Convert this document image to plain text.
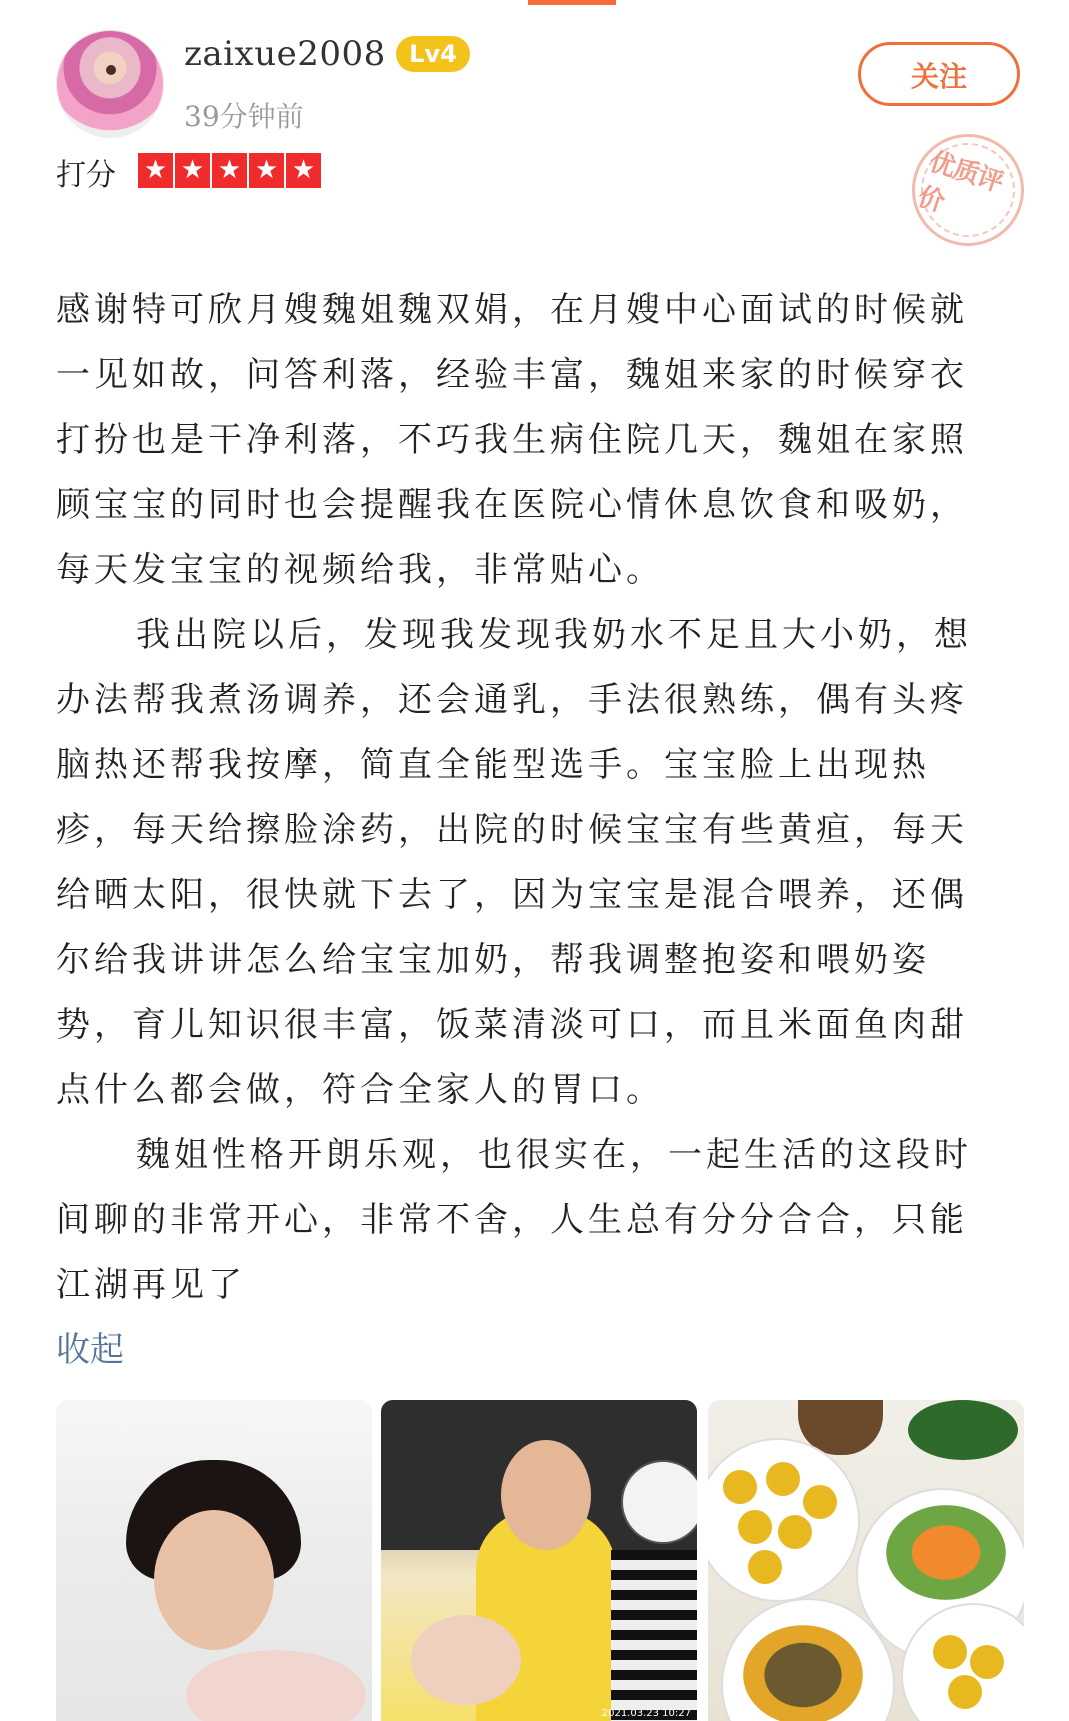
zaixue2008 Lv4
39分钟前
关注
打分 ★ ★ ★ ★ ★	优质评价

感谢特可欣月嫂魏姐魏双娟，在月嫂中心面试的时候就一见如故，问答利落，经验丰富，魏姐来家的时候穿衣打扮也是干净利落，不巧我生病住院几天，魏姐在家照顾宝宝的同时也会提醒我在医院心情休息饮食和吸奶，每天发宝宝的视频给我，非常贴心。

我出院以后，发现我发现我奶水不足且大小奶，想办法帮我煮汤调养，还会通乳，手法很熟练，偶有头疼脑热还帮我按摩，简直全能型选手。宝宝脸上出现热疹，每天给擦脸涂药，出院的时候宝宝有些黄疸，每天给晒太阳，很快就下去了，因为宝宝是混合喂养，还偶尔给我讲讲怎么给宝宝加奶，帮我调整抱姿和喂奶姿势，育儿知识很丰富，饭菜清淡可口，而且米面鱼肉甜点什么都会做，符合全家人的胃口。

魏姐性格开朗乐观，也很实在，一起生活的这段时间聊的非常开心，非常不舍，人生总有分分合合，只能江湖再见了

收起
2021.03.23 10:27
